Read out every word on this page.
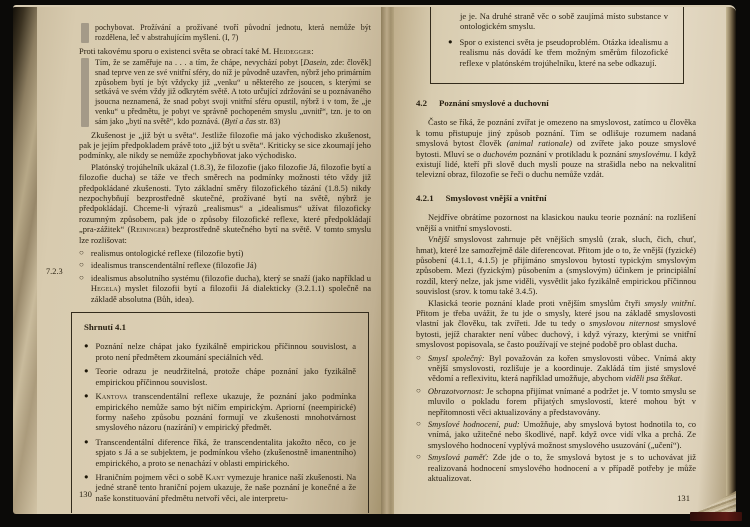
pochybovat. Prožívání a prožívané tvoří původní jednotu, která nemůže být rozdělena, leč v abstrahujícím myšlení. (I, 7)

Proti takovému sporu o existenci světa se obrací také M. Heidegger:

Tím, že se zaměřuje na . . . a tím, že chápe, nevychází pobyt [Dasein, zde: člověk] snad teprve ven ze své vnitřní sféry, do níž je původně uzavřen, nýbrž jeho primárním způsobem bytí je být vždycky již „venku“ u některého ze jsoucen, s kterými se setkává ve svém vždy již odkrytém světě. A toto určující zdržování se u poznávaného jsoucna neznamená, že snad pobyt svoji vnitřní sféru opustil, nýbrž i v tom, že „je venku“ u předmětu, je pobyt ve správně pochopeném smyslu „uvnitř“, tzn. je to on sám jako „bytí na světě“, kdo poznává. (Bytí a čas str. 83)

Zkušenost je „již být u světa“. Jestliže filozofie má jako východisko zkušenost, pak je jejím předpokladem právě toto „již být u světa“. Kriticky se sice zkoumají jeho podmínky, ale nikdy se nemůže zpochybňovat jako východisko.

Platónský trojúhelník ukázal (1.8.3), že filozofie (jako filozofie Já, filozofie bytí a filozofie ducha) se táže ve třech směrech na podmínky možnosti této vždy již předpokládané zkušenosti. Tyto základní směry filozofického tázání (1.8.5) nikdy nezpochybňují bezprostředně skutečné, prožívané bytí na světě, nýbrž je předpokládají. Chceme-li výrazů „realismus“ a „idealismus“ užívat filozoficky rozumným způsobem, pak jde o způsoby filozofické reflexe, které předpokládají „pra-zážitek“ (Reininger) bezprostředně skutečného bytí na světě. V tomto smyslu lze rozlišovat:

○ realismus ontologické reflexe (filozofie bytí)
○ idealismus transcendentální reflexe (filozofie Já)
○ idealismus absolutního systému (filozofie ducha), který se snaží (jako například u Hegela) myslet filozofii bytí a filozofii Já dialekticky (3.2.1.1) společně na základě absolutna (Bůh, idea).
7.2.3
Shrnutí 4.1
● Poznání nelze chápat jako fyzikálně empirickou příčinnou souvislost, a proto není předmětem zkoumání speciálních věd.
● Teorie odrazu je neudržitelná, protože chápe poznání jako fyzikálně empirickou příčinnou souvislost.
● Kantova transcendentální reflexe ukazuje, že poznání jako podmínka empirického nemůže samo být ničím empirickým. Apriorní (neempirické) formy našeho způsobu poznání formují ve zkušenosti mnohotvárnost smyslového názoru (nazírání) v empirický předmět.
● Transcendentální diference říká, že transcendentalita jakožto něco, co je spjato s Já a se subjektem, je podmínkou všeho (zkušenostně imanentního) empirického, a proto se nenachází v oblasti empirického.
● Hraničním pojmem věci o sobě Kant vymezuje hranice naší zkušenosti. Na jedné straně tento hraniční pojem ukazuje, že naše poznání je konečné a že naše konstituování předmětu netvoří věci, ale interpretu-
130

je je. Na druhé straně věc o sobě zaujímá místo substance v ontologickém smyslu.

● Spor o existenci světa je pseudoproblém. Otázka idealismu a realismu nás dovádí ke třem možným směrům filozofické reflexe v platónském trojúhelníku, které na sebe odkazují.
4.2 Poznání smyslové a duchovní

Často se říká, že poznání zvířat je omezeno na smyslovost, zatímco u člověka k tomu přistupuje jiný způsob poznání. Tím se odlišuje rozumem nadaná smyslová bytost člověk (animal rationale) od zvířete jako pouze smyslové bytosti. Mluví se o duchovém poznání v protikladu k poznání smyslovému. I když existují lidé, kteří při slově duch myslí pouze na strašidla nebo na nekvalitní televizní obraz, filozofie se řeči o duchu nemůže vzdát.

4.2.1 Smyslovost vnější a vnitřní

Nejdříve obrátíme pozornost na klasickou nauku teorie poznání: na rozlišení vnější a vnitřní smyslovosti.

Vnější smyslovost zahrnuje pět vnějších smyslů (zrak, sluch, čich, chuť, hmat), které lze samozřejmě dále diferencovat. Přitom jde o to, že vnější (fyzické) působení (4.1.1, 4.1.5) je přijímáno smyslovou bytostí typickým smyslovým způsobem. Mezi (fyzickým) působením a (smyslovým) účinkem je principiální rozdíl, který nelze, jak jsme viděli, vysvětlit jako fyzikálně empirickou příčinnou souvislost (srov. k tomu také 3.4.5).

Klasická teorie poznání klade proti vnějším smyslům čtyři smysly vnitřní. Přitom je třeba uvážit, že tu jde o smysly, které jsou na základě smyslovosti vlastní jak člověku, tak zvířeti. Jde tu tedy o smyslovou niternost smyslové bytosti, jejíž charakter není vůbec duchový, i když výrazy, kterými se vnitřní smyslovost popisovala, se často používají ve stejné podobě pro oblast ducha.

○ Smysl společný: Byl považován za kořen smyslovosti vůbec. Vnímá akty vnější smyslovosti, rozlišuje je a koordinuje. Zakládá tím jisté smyslové vědomí a reflexivitu, která například umožňuje, abychom viděli psa štěkat.
○ Obrazotvornost: Je schopna přijímat vnímané a podržet je. V tomto smyslu se mluvilo o pokladu forem přijatých smyslovostí, které mohou být v nepřítomnosti věci aktualizovány a představovány.
○ Smyslové hodnocení, pud: Umožňuje, aby smyslová bytost hodnotila to, co vnímá, jako užitečné nebo škodlivé, např. když ovce vidí vlka a prchá. Ze smyslového hodnocení vyplývá možnost smyslového usuzování („učení“).
○ Smyslová paměť: Zde jde o to, že smyslová bytost je s to uchovávat již realizovaná hodnocení smyslového hodnocení a v případě potřeby je může aktualizovat.
131
